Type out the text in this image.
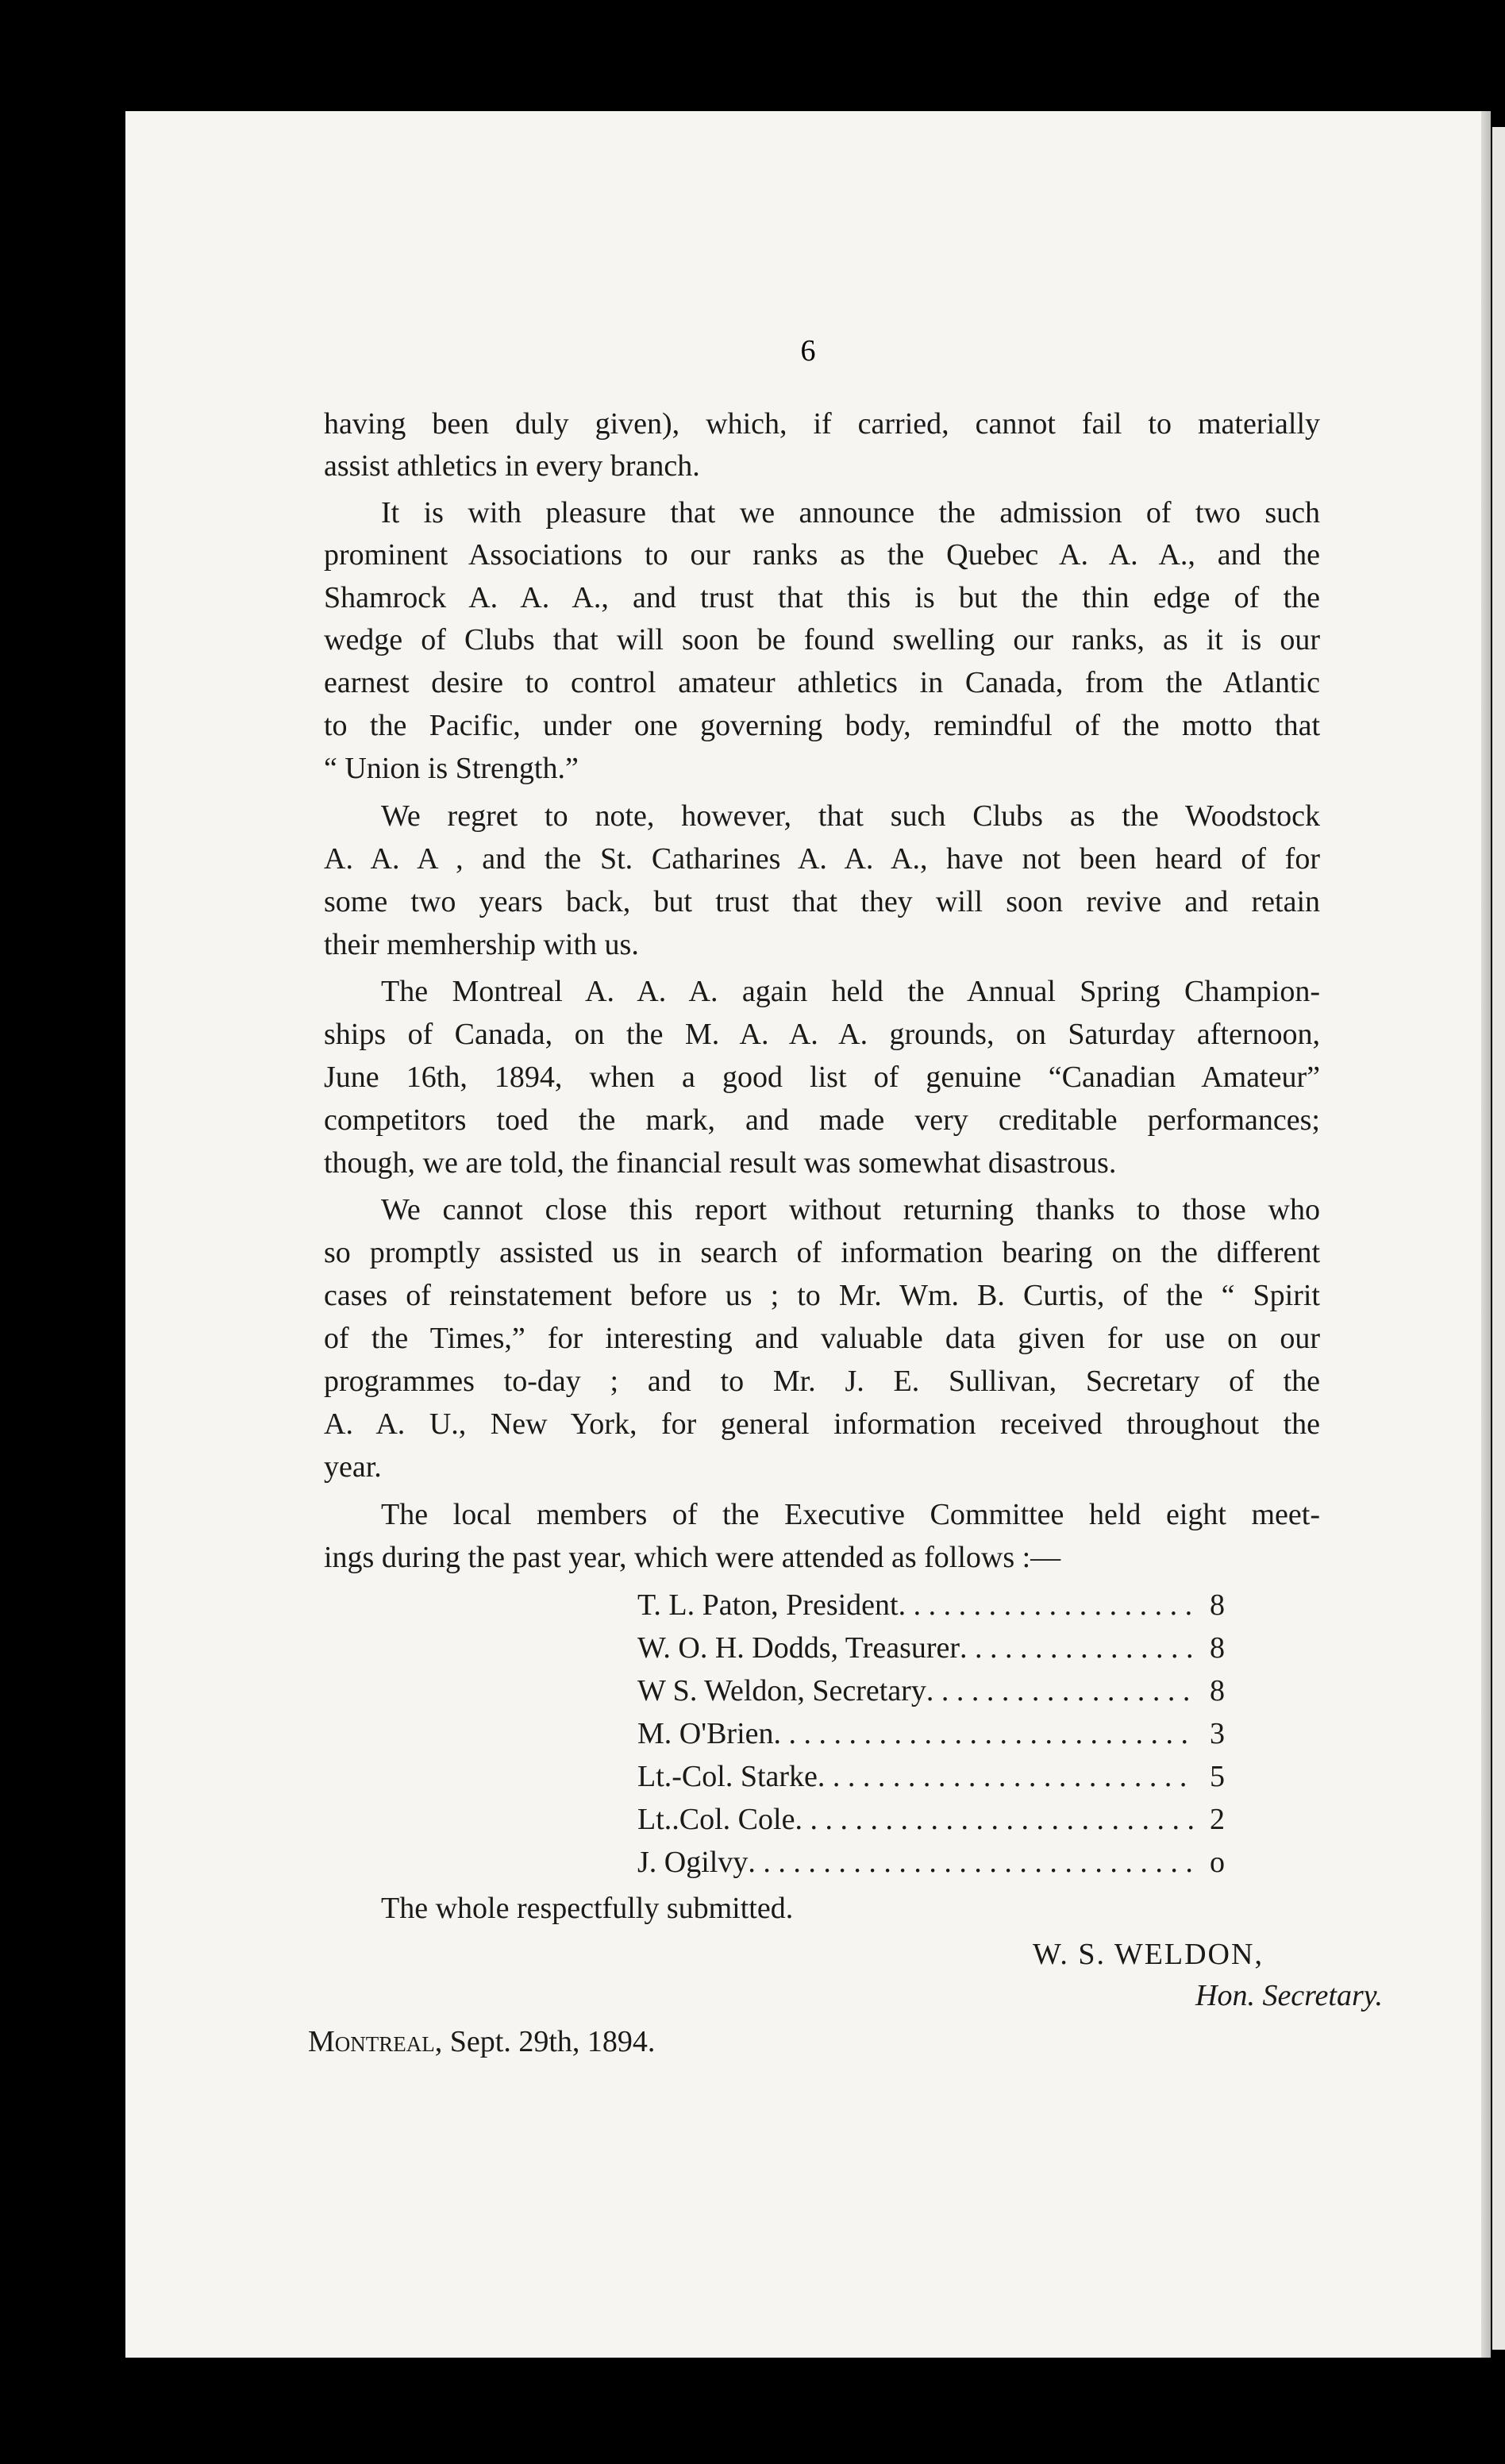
6

having been duly given), which, if carried, cannot fail to materially

assist athletics in every branch.

It is with pleasure that we announce the admission of two such

prominent Associations to our ranks as the Quebec A. A. A., and the

Shamrock A. A. A., and trust that this is but the thin edge of the

wedge of Clubs that will soon be found swelling our ranks, as it is our

earnest desire to control amateur athletics in Canada, from the Atlantic

to the Pacific, under one governing body, remindful of the motto that

“ Union is Strength.”

We regret to note, however, that such Clubs as the Woodstock

A. A. A , and the St. Catharines A. A. A., have not been heard of for

some two years back, but trust that they will soon revive and retain

their memhership with us.

The Montreal A. A. A. again held the Annual Spring Champion-

ships of Canada, on the M. A. A. A. grounds, on Saturday afternoon,

June 16th, 1894, when a good list of genuine “Canadian Amateur”

competitors toed the mark, and made very creditable performances;

though, we are told, the financial result was somewhat disastrous.

We cannot close this report without returning thanks to those who

so promptly assisted us in search of information bearing on the different

cases of reinstatement before us ; to Mr. Wm. B. Curtis, of the “ Spirit

of the Times,” for interesting and valuable data given for use on our

programmes to-day ; and to Mr. J. E. Sullivan, Secretary of the

A. A. U., New York, for general information received throughout the

year.

The local members of the Executive Committee held eight meet-

ings during the past year, which were attended as follows :—

T. L. Paton, President . . .	8
W. O. H. Dodds, Treasurer . . .	8
W S. Weldon, Secretary . . .	8
M. O'Brien . . .	3
Lt.-Col. Starke . . .	5
Lt..Col. Cole . . .	2
J. Ogilvy . . .	o
The whole respectfully submitted.
W. S. WELDON,
Hon. Secretary.
Montreal, Sept. 29th, 1894.
